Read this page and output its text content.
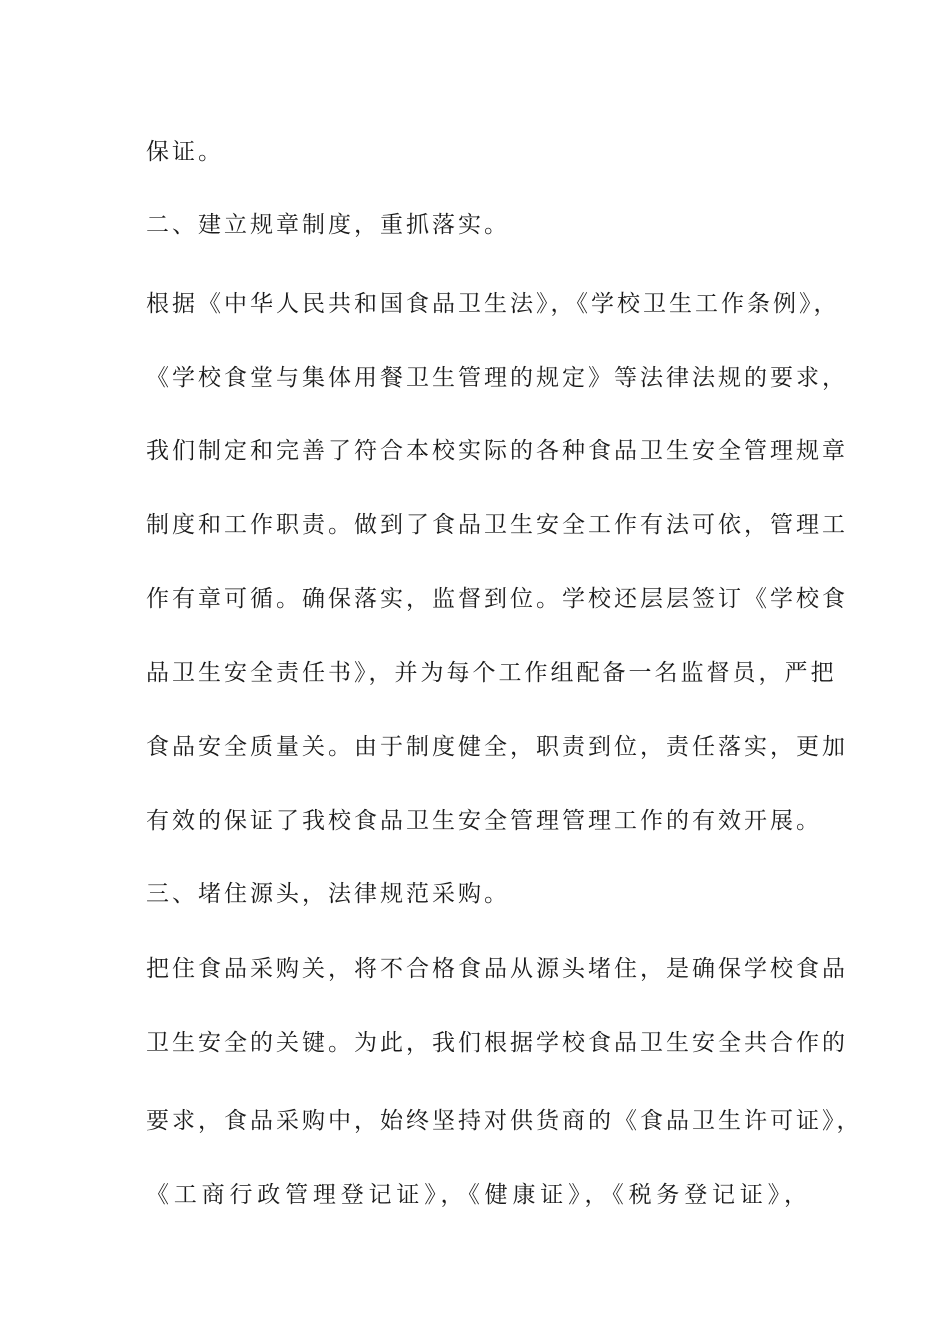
保证。

二、建立规章制度，重抓落实。

根据《中华人民共和国食品卫生法》，《学校卫生工作条例》，

《学校食堂与集体用餐卫生管理的规定》等法律法规的要求，

我们制定和完善了符合本校实际的各种食品卫生安全管理规章

制度和工作职责。做到了食品卫生安全工作有法可依，管理工

作有章可循。确保落实，监督到位。学校还层层签订《学校食

品卫生安全责任书》，并为每个工作组配备一名监督员，严把

食品安全质量关。由于制度健全，职责到位，责任落实，更加

有效的保证了我校食品卫生安全管理管理工作的有效开展。

三、堵住源头，法律规范采购。

把住食品采购关，将不合格食品从源头堵住，是确保学校食品

卫生安全的关键。为此，我们根据学校食品卫生安全共合作的

要求，食品采购中，始终坚持对供货商的《食品卫生许可证》，

《工商行政管理登记证》，《健康证》，《税务登记证》，
